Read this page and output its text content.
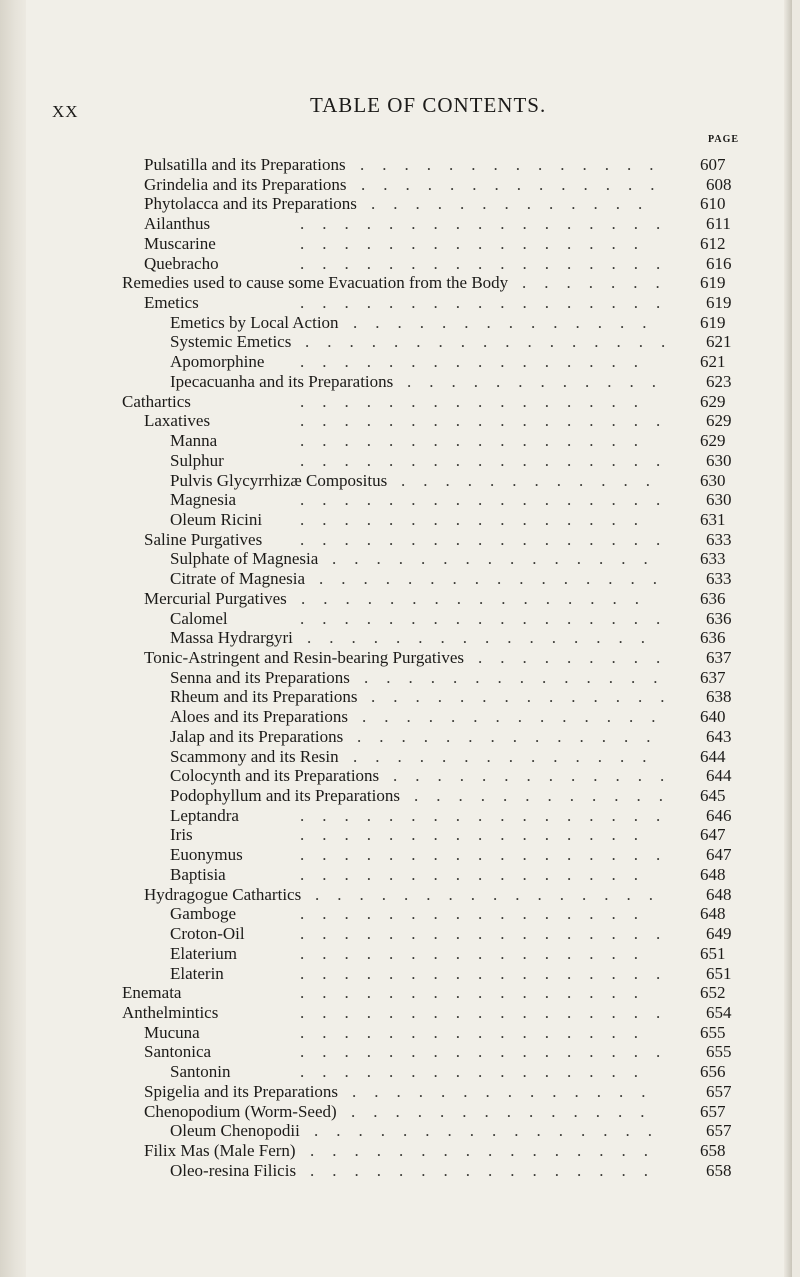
XX	TABLE OF CONTENTS.
PAGE
Pulsatilla and its Preparations ..............	607
Grindelia and its Preparations ..............	608
Phytolacca and its Preparations .............	610
Ailanthus	.................	611
Muscarine	................	612
Quebracho	.................	616
Remedies used to cause some Evacuation from the Body .......	619
Emetics	.................	619
Emetics by Local Action ..............	619
Systemic Emetics .................	621
Apomorphine ................	621
Ipecacuanha and its Preparations ............	623
Cathartics	................	629
Laxatives	.................	629
Manna	................	629
Sulphur	.................	630
Pulvis Glycyrrhizæ Compositus ............	630
Magnesia	.................	630
Oleum Ricini ................	631
Saline Purgatives .................	633
Sulphate of Magnesia ...............	633
Citrate of Magnesia ................	633
Mercurial Purgatives ................	636
Calomel	.................	636
Massa Hydrargyri ................	636
Tonic-Astringent and Resin-bearing Purgatives .........	637
Senna and its Preparations ..............	637
Rheum and its Preparations ..............	638
Aloes and its Preparations ..............	640
Jalap and its Preparations ..............	643
Scammony and its Resin ..............	644
Colocynth and its Preparations .............	644
Podophyllum and its Preparations ............	645
Leptandra	.................	646
Iris	................	647
Euonymus	.................	647
Baptisia	................	648
Hydragogue Cathartics ................	648
Gamboge	................	648
Croton-Oil	.................	649
Elaterium	................	651
Elaterin	.................	651
Enemata	................	652
Anthelmintics	.................	654
Mucuna	................	655
Santonica	.................	655
Santonin	................	656
Spigelia and its Preparations ..............	657
Chenopodium (Worm-Seed) ..............	657
Oleum Chenopodii ................	657
Filix Mas (Male Fern) ................	658
Oleo-resina Filicis ................	658
